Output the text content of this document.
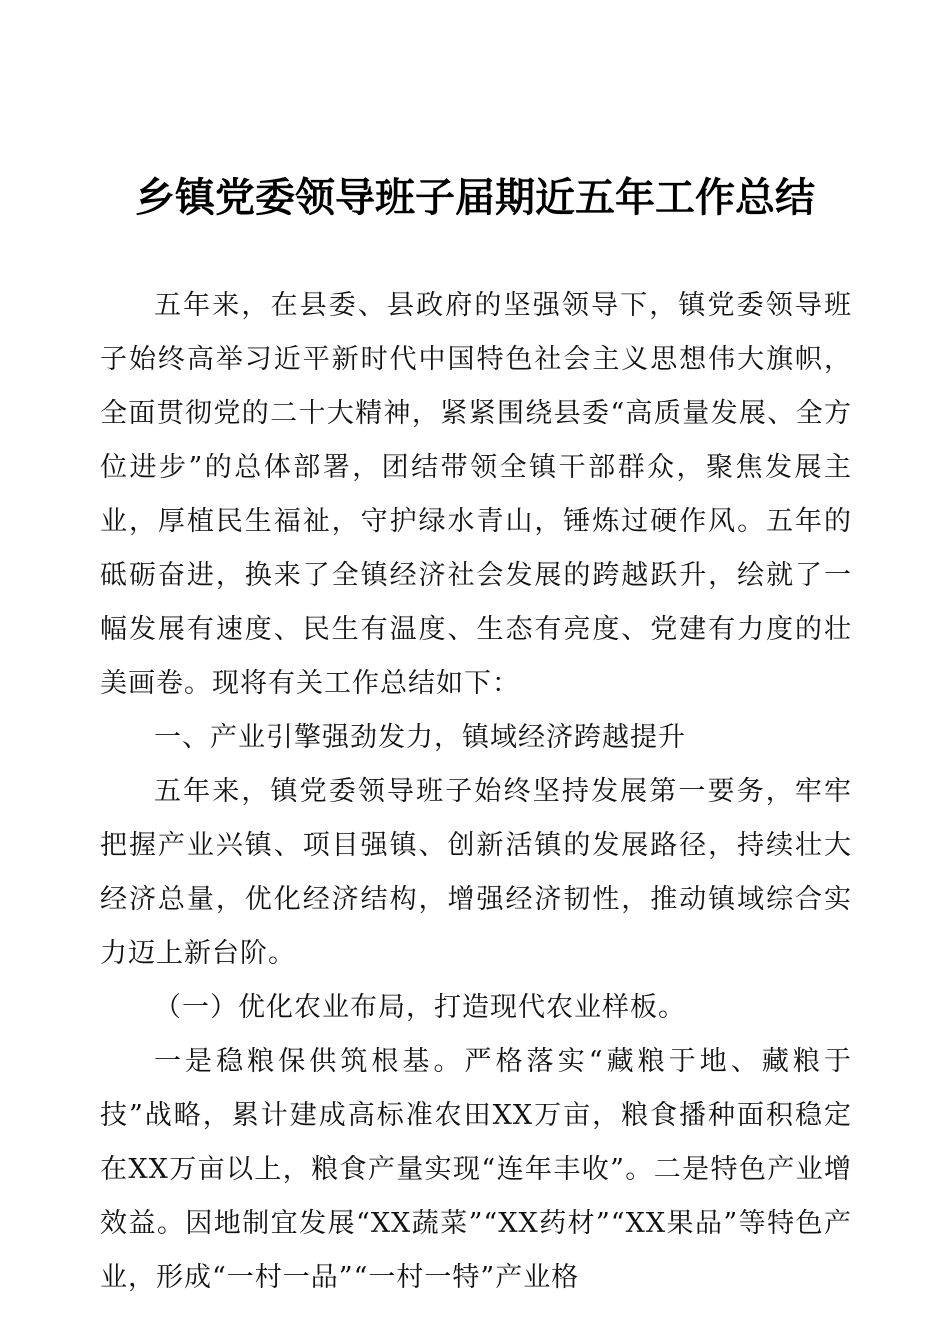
乡镇党委领导班子届期近五年工作总结

五年来，在县委、县政府的坚强领导下，镇党委领导班子始终高举习近平新时代中国特色社会主义思想伟大旗帜，全面贯彻党的二十大精神，紧紧围绕县委“高质量发展、全方位进步”的总体部署，团结带领全镇干部群众，聚焦发展主业，厚植民生福祉，守护绿水青山，锤炼过硬作风。五年的砥砺奋进，换来了全镇经济社会发展的跨越跃升，绘就了一幅发展有速度、民生有温度、生态有亮度、党建有力度的壮美画卷。现将有关工作总结如下：

一、产业引擎强劲发力，镇域经济跨越提升

五年来，镇党委领导班子始终坚持发展第一要务，牢牢把握产业兴镇、项目强镇、创新活镇的发展路径，持续壮大经济总量，优化经济结构，增强经济韧性，推动镇域综合实力迈上新台阶。

（一）优化农业布局，打造现代农业样板。

一是稳粮保供筑根基。严格落实“藏粮于地、藏粮于技”战略，累计建成高标准农田XX万亩，粮食播种面积稳定在XX万亩以上，粮食产量实现“连年丰收”。二是特色产业增效益。因地制宜发展“XX蔬菜”“XX药材”“XX果品”等特色产业，形成“一村一品”“一村一特”产业格
